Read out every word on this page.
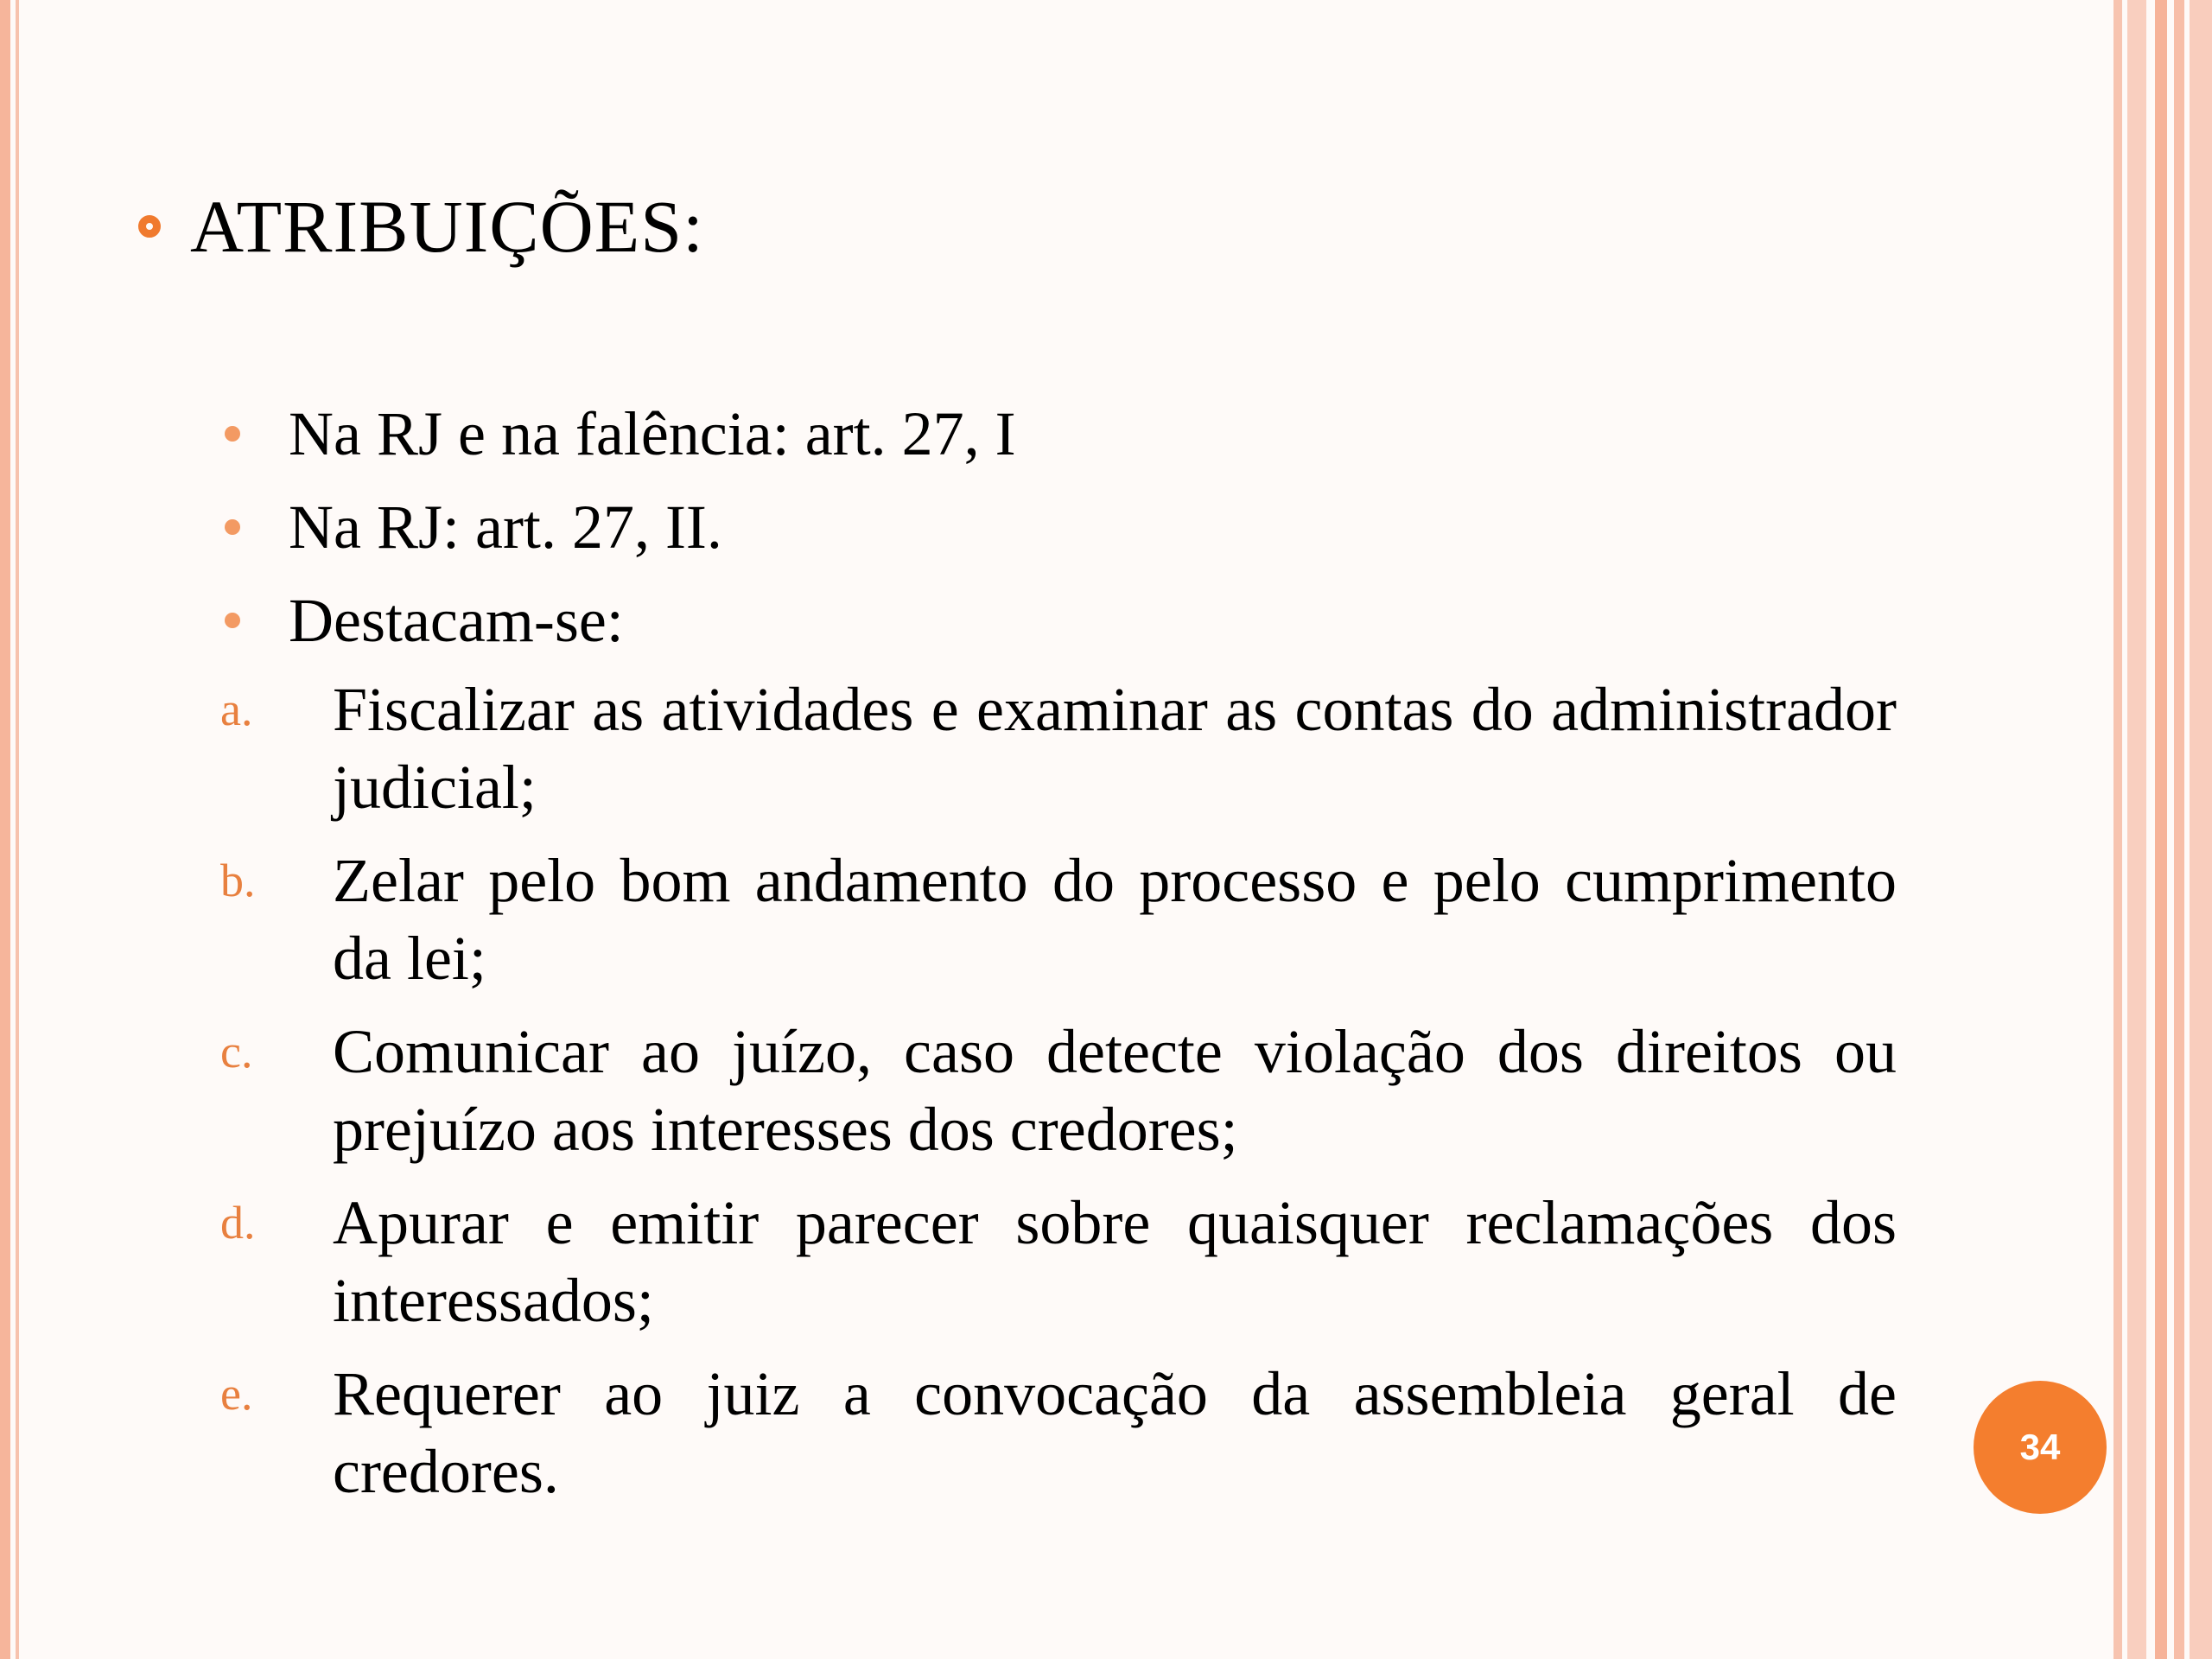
ATRIBUIÇÕES:
Na RJ e na falência: art. 27, I
Na RJ: art. 27, II.
Destacam-se:
a.	Fiscalizar as atividades e examinar as contas do administrador judicial;
b.	Zelar pelo bom andamento do processo e pelo cumprimento da lei;
c.	Comunicar ao juízo, caso detecte violação dos direitos ou prejuízo aos interesses dos credores;
d.	Apurar e emitir parecer sobre quaisquer reclamações dos interessados;
e.	Requerer ao juiz a convocação da assembleia geral de credores.	34
